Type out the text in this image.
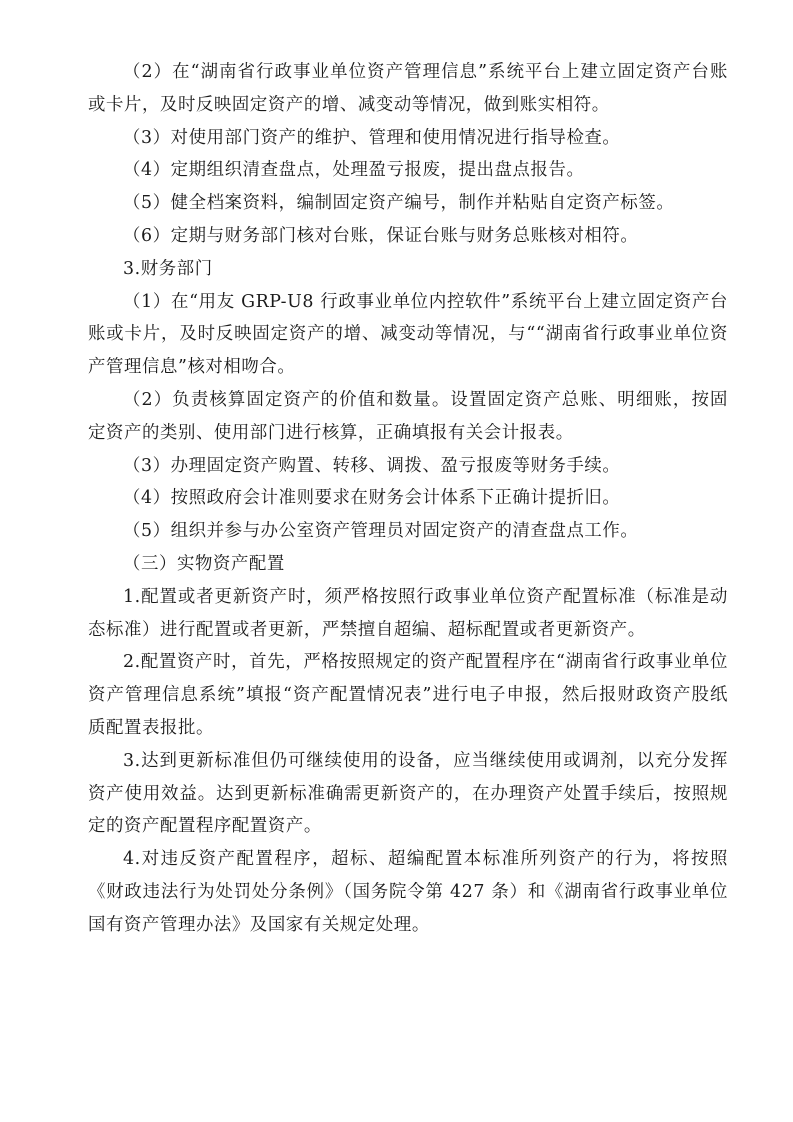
（2）在“湖南省行政事业单位资产管理信息”系统平台上建立固定资产台账或卡片，及时反映固定资产的增、减变动等情况，做到账实相符。

（3）对使用部门资产的维护、管理和使用情况进行指导检查。

（4）定期组织清查盘点，处理盈亏报废，提出盘点报告。

（5）健全档案资料，编制固定资产编号，制作并粘贴自定资产标签。

（6）定期与财务部门核对台账，保证台账与财务总账核对相符。

3.财务部门

（1）在“用友 GRP-U8 行政事业单位内控软件”系统平台上建立固定资产台账或卡片，及时反映固定资产的增、减变动等情况，与““湖南省行政事业单位资产管理信息”核对相吻合。

（2）负责核算固定资产的价值和数量。设置固定资产总账、明细账，按固定资产的类别、使用部门进行核算，正确填报有关会计报表。

（3）办理固定资产购置、转移、调拨、盈亏报废等财务手续。

（4）按照政府会计准则要求在财务会计体系下正确计提折旧。

（5）组织并参与办公室资产管理员对固定资产的清查盘点工作。

（三）实物资产配置

1.配置或者更新资产时，须严格按照行政事业单位资产配置标准（标准是动态标准）进行配置或者更新，严禁擅自超编、超标配置或者更新资产。

2.配置资产时，首先，严格按照规定的资产配置程序在“湖南省行政事业单位资产管理信息系统”填报“资产配置情况表”进行电子申报，然后报财政资产股纸质配置表报批。

3.达到更新标准但仍可继续使用的设备，应当继续使用或调剂，以充分发挥资产使用效益。达到更新标准确需更新资产的，在办理资产处置手续后，按照规定的资产配置程序配置资产。

4.对违反资产配置程序，超标、超编配置本标准所列资产的行为，将按照《财政违法行为处罚处分条例》（国务院令第 427 条）和《湖南省行政事业单位国有资产管理办法》及国家有关规定处理。
